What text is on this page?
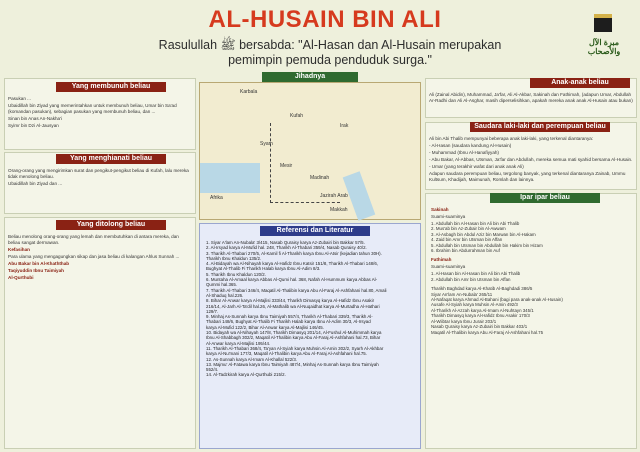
AL-HUSAIN BIN ALI
مبرة الآل والأصحاب
Rasulullah ﷺ bersabda: "Al-Hasan dan Al-Husain merupakan
pemimpin pemuda penduduk surga."
Yang membunuh beliau

Pasukan ...

Ubaidillah bin Ziyad yang memerintahkan untuk membunuh beliau, Umar bin Sa'ad (komandan pasukan), sebagian pasukan yang membunuh beliau, dan ...

Sinan bin Anas An-Nakha'i

Syimr bin Dzi Al-Jausyan

Yang menghianati beliau

Orang-orang yang mengirimkan surat dan pengikut-pengikut beliau di Kufah, lalu mereka tidak menolong beliau.

Ubaidillah bin Ziyad dan ...

Yang ditolong beliau

Beliau menolong orang-orang yang lemah dan membutuhkan di antara mereka, dan beliau sangat dermawan.

Kefasihan

Para ulama yang mengagungkan sikap dan jasa beliau di kalangan Ahlus Sunnah ...

Abu Bakar bin Al-Khaththab

Taqiyuddin Ibnu Taimiyah

Al-Qurthubi

Jihadnya
Karbala
Kufah
Irak
Syam
Mesir
Afrika	Jazirah Arab
Madinah
Makkah
Referensi dan Literatur
1. Siyar A'lam An-Nubala' 3/415, Nasab Quraisy karya Az-Zubairi bin Bakkar 57/5.
2. Al-Irsyad karya Al-Mufid hal. 248, Tharikh Al-Thabari 359/4, Nasab Quraisy 40/2.
3. Tharikh Al-Thabari 270/5, Al-Kamil fi Al-Tharikh karya Ibnu Al-Atsir (kejadian tahun 30H).
Tharikh Ibnu Khaldun 135/2.
4. Al-Bidayah wa Al-Nihayah karya Al-Hafidz Ibnu Katsir 151/8, Tharikh Al-Thabari 148/6,
Bughyat Al-Thalib Fi Tharikh Halab karya Ibnu Al-Adim 8/3.
5. Tharikh Ibnu Khaldun 120/2.
6. Muntaha Al-Amaal karya Abbas Al-Qumi hal. 368, Nafah Al-Hummum karya Abbas Al-
Qummi hal.365.
7. Tharikh Al-Thabari 346/4, Maqatil Al-Thalibin karya Abu Al-Faraj Al-Ashfahani hal.80, Amali
Al-Shaduq hal.226.
8. Bihar Al-Anwar karya Al-Majlisi 333/44, Tharikh Dimasyq karya Al-Hafidz Ibnu Asakir
216/14, Al-Jarh Al-Ta'dil hal.26, Al-Mathalib wa Al-Nuqaidhat karya Al-Murtadha Al-Hathari
129/7.
9. Minhaj As-Sunnah karya Ibnu Taimiyah 557/4, Tharikh Al-Thabari 339/3, Tharikh Al-
Thabari 148/6, Bughyat Al-Thalib Fi Tharikh Halab karya Ibnu Al-Adim 30/3, Al-Irsyad
karya Al-Mufid 122/2, Bihar Al-Anwar karya Al-Majlisi 146/45.
10. Bidayah wa Al-Nihayah 147/8, Tharikh Dimasyq 201/14, Al-Fushul Al-Muhimmah karya
Ibnu Al-Shabbagh 302/2, Maqatil Al-Thalibin karya Abu Al-Faraj Al-Ashfahani hal.73, Bihar
Al-Anwar karya Al-Majlisi 195/44.
11. Tharikh Al-Thabari 368/4, Ta'yan Al-Syiah karya Muhsin Al-Amin 302/2, Syarh Al-Akhbar
karya Al-Nu'mani 177/3, Maqatil Al-Thalibin karya Abu Al-Faraj Al-Ashfahani hal.75.
12. As-Sunnah karya Al-Imam Al-Khallal 522/3.
13. Majmu' Al-Fatawa karya Ibnu Taimiyah 487/4, Minhaj As-Sunnah karya Ibnu Taimiyah
552/4.
14. Al-Tadzkirah karya Al-Qurthubi 215/2.
Anak-anak beliau
Ali (Zainal Abidin), Muhammad, Ja'far, Ali Al-Akbar, Sakinah dan Fathimah, (adapun Umar, Abdullah Ar-Radhi dan Ali Al-Asghar, masih diperselisihkan, apakah mereka anak anak Al-Husain atau bukan)
Saudara laki-laki dan perempuan beliau

Ali bin Abi Thalib mempunyai beberapa anak laki-laki, yang terkenal diantaranya:

- Al-Hasan (saudara kandung Al-Husain)

- Muhammad (Ibnu Al-Hanafiyyah)

- Abu Bakar, Al-Abbas, Utsman, Ja'far dan Abdullah, mereka semua mati syahid bersama Al-Husain.

- Umar (yang terakhir wafat dari anak anak Ali)

Adapun saudara perempuan beliau, tergolong banyak, yang terkenal diantaranya Zainab, Ummu Kultsum, Khadijah, Maimunah, Romlah dan lainnya.

Ipar ipar beliau

Sakinah

Suami-suaminya

1. Abdullah bin Al-Hasan bin Ali bin Abi Thalib
2. Mus'ab bin Az-Zubair bin Al-Awwam
3. Al-Asbagh bin Abdul Aziz bin Marwan bin Al-Hakam
4. Zaid bin Amr bin Utsman bin Affan
5. Abdullah bin Utsman bin Abdullah bin Hakim bin Hizam
6. Ibrahim bin Abdurrahman bin Auf

Fathimah

Suami-suaminya

1. Al-Hasan bin Al-Hasan bin Ali bin Abi Thalib
2. Abdullah bin Amr bin Utsman bin Affan
Tharikh Baghdad karya Al-Khatib Al-Baghdadi 386/5
Siyar An'lam An-Nubala' 265/11
Al-Nafaqat karya Ahmad Al-Bahani (bagi para anak-anak Al-Husain)
Ausafe Al-Syiah karya Muhsin Al-Amin 492/3
Al-Tharikh Al-Azzah karya Al-Imam Al-Nuhtayn 345/1
Tharikh Dimasyq karya Al-Hafidz Ibnu Asakir 170/3
Al-Wiibtar karya Ibnu Jurair 203/1
Nasab Quraisy karya Az-Zubairi bin Bakkar 403/1
Maqatil Al-Thalibin karya Abu Al-Faraj Al-Ashfahani hal.75
